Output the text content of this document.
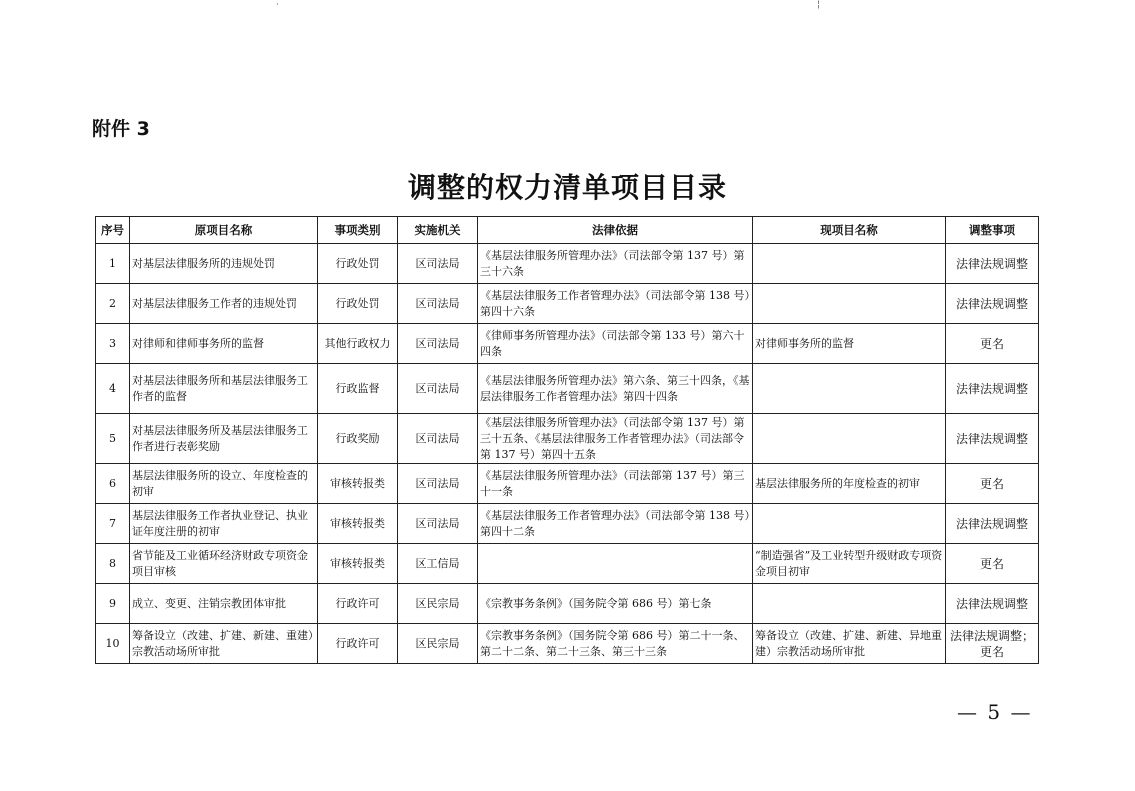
·	¦
附件 3
调整的权力清单项目目录
序号	原项目名称	事项类别	实施机关	法律依据	现项目名称	调整事项
1	对基层法律服务所的违规处罚	行政处罚	区司法局	《基层法律服务所管理办法》（司法部令第 137 号）第三十六条		法律法规调整
2	对基层法律服务工作者的违规处罚	行政处罚	区司法局	《基层法律服务工作者管理办法》（司法部令第 138 号）第四十六条		法律法规调整
3	对律师和律师事务所的监督	其他行政权力	区司法局	《律师事务所管理办法》（司法部令第 133 号）第六十四条	对律师事务所的监督	更名
4	对基层法律服务所和基层法律服务工作者的监督	行政监督	区司法局	《基层法律服务所管理办法》第六条、第三十四条，《基层法律服务工作者管理办法》第四十四条		法律法规调整
5	对基层法律服务所及基层法律服务工作者进行表彰奖励	行政奖励	区司法局	《基层法律服务所管理办法》（司法部令第 137 号）第三十五条、《基层法律服务工作者管理办法》（司法部令第 137 号）第四十五条		法律法规调整
6	基层法律服务所的设立、年度检查的初审	审核转报类	区司法局	《基层法律服务所管理办法》（司法部第 137 号）第三十一条	基层法律服务所的年度检查的初审	更名
7	基层法律服务工作者执业登记、执业证年度注册的初审	审核转报类	区司法局	《基层法律服务工作者管理办法》（司法部令第 138 号）第四十二条		法律法规调整
8	省节能及工业循环经济财政专项资金项目审核	审核转报类	区工信局		“制造强省”及工业转型升级财政专项资金项目初审	更名
9	成立、变更、注销宗教团体审批	行政许可	区民宗局	《宗教事务条例》（国务院令第 686 号）第七条		法律法规调整
10	筹备设立（改建、扩建、新建、重建）宗教活动场所审批	行政许可	区民宗局	《宗教事务条例》（国务院令第 686 号）第二十一条、第二十二条、第二十三条、第三十三条	筹备设立（改建、扩建、新建、异地重建）宗教活动场所审批	法律法规调整；更名
— 5 —
